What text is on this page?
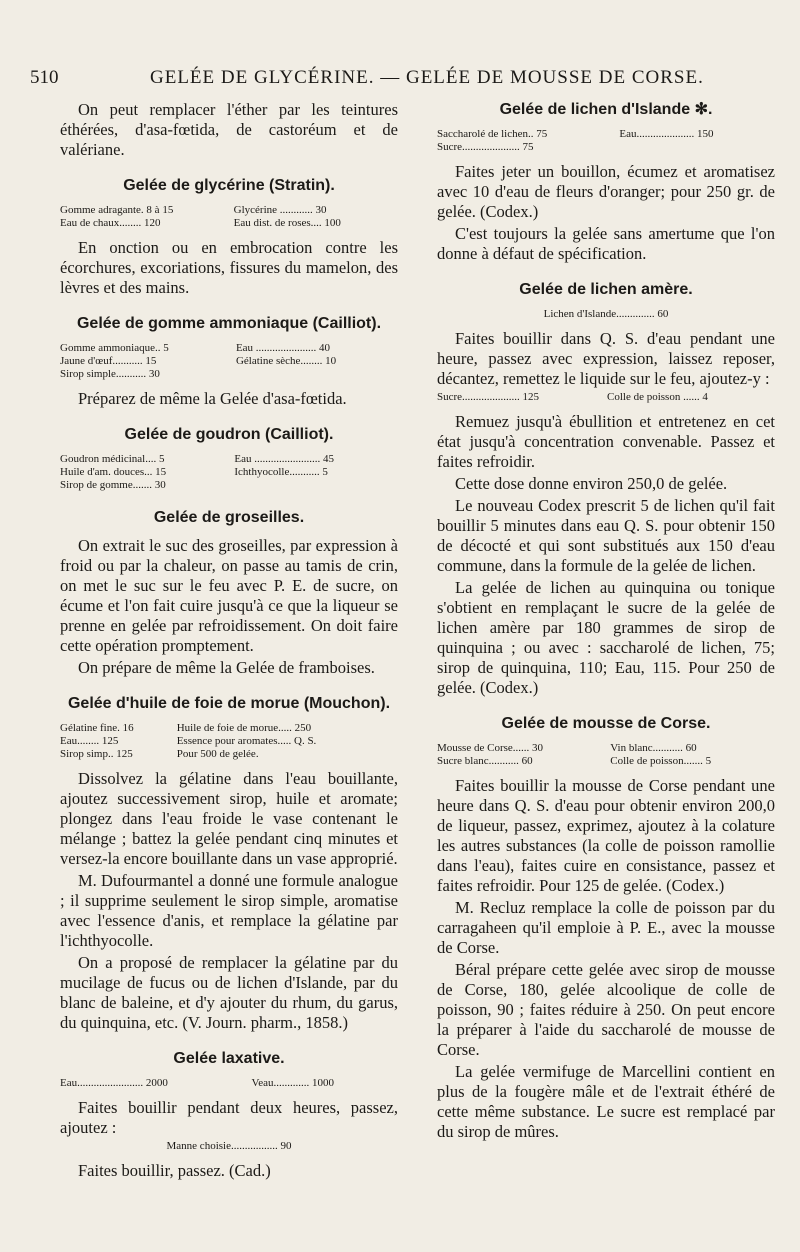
510	GELÉE DE GLYCÉRINE. — GELÉE DE MOUSSE DE CORSE.

On peut remplacer l'éther par les teintures éthérées, d'asa-fœtida, de castoréum et de valériane.

Gelée de glycérine (Stratin).
Gomme adragante. 8 à 15	Glycérine ............ 30
Eau de chaux........ 120	Eau dist. de roses.... 100

En onction ou en embrocation contre les écorchures, excoriations, fissures du mamelon, des lèvres et des mains.

Gelée de gomme ammoniaque (Cailliot).
Gomme ammoniaque.. 5	Eau ...................... 40
Jaune d'œuf........... 15	Gélatine sèche........ 10
Sirop simple........... 30	

Préparez de même la Gelée d'asa-fœtida.

Gelée de goudron (Cailliot).
Goudron médicinal.... 5	Eau ........................ 45
Huile d'am. douces... 15	Ichthyocolle........... 5
Sirop de gomme....... 30	
Gelée de groseilles.

On extrait le suc des groseilles, par expression à froid ou par la chaleur, on passe au tamis de crin, on met le suc sur le feu avec P. E. de sucre, on écume et l'on fait cuire jusqu'à ce que la liqueur se prenne en gelée par refroidissement. On doit faire cette opération promptement.

On prépare de même la Gelée de framboises.

Gelée d'huile de foie de morue (Mouchon).
Gélatine fine. 16	Huile de foie de morue..... 250
Eau........ 125	Essence pour aromates..... Q. S.
Sirop simp.. 125	Pour 500 de gelée.

Dissolvez la gélatine dans l'eau bouillante, ajoutez successivement sirop, huile et aromate; plongez dans l'eau froide le vase contenant le mélange ; battez la gelée pendant cinq minutes et versez-la encore bouillante dans un vase approprié.

M. Dufourmantel a donné une formule analogue ; il supprime seulement le sirop simple, aromatise avec l'essence d'anis, et remplace la gélatine par l'ichthyocolle.

On a proposé de remplacer la gélatine par du mucilage de fucus ou de lichen d'Islande, par du blanc de baleine, et d'y ajouter du rhum, du garus, du quinquina, etc. (V. Journ. pharm., 1858.)

Gelée laxative.
Eau........................ 2000	Veau............. 1000

Faites bouillir pendant deux heures, passez, ajoutez :

Manne choisie................. 90

Faites bouillir, passez. (Cad.)

Gelée de lichen d'Islande ✻.
Saccharolé de lichen.. 75	Eau..................... 150
Sucre..................... 75	

Faites jeter un bouillon, écumez et aromatisez avec 10 d'eau de fleurs d'oranger; pour 250 gr. de gelée. (Codex.)

C'est toujours la gelée sans amertume que l'on donne à défaut de spécification.

Gelée de lichen amère.
Lichen d'Islande.............. 60

Faites bouillir dans Q. S. d'eau pendant une heure, passez avec expression, laissez reposer, décantez, remettez le liquide sur le feu, ajoutez-y :

Sucre..................... 125	Colle de poisson ...... 4

Remuez jusqu'à ébullition et entretenez en cet état jusqu'à concentration convenable. Passez et faites refroidir.

Cette dose donne environ 250,0 de gelée.

Le nouveau Codex prescrit 5 de lichen qu'il fait bouillir 5 minutes dans eau Q. S. pour obtenir 150 de décocté et qui sont substitués aux 150 d'eau commune, dans la formule de la gelée de lichen.

La gelée de lichen au quinquina ou tonique s'obtient en remplaçant le sucre de la gelée de lichen amère par 180 grammes de sirop de quinquina ; ou avec : saccharolé de lichen, 75; sirop de quinquina, 110; Eau, 115. Pour 250 de gelée. (Codex.)

Gelée de mousse de Corse.
Mousse de Corse...... 30	Vin blanc........... 60
Sucre blanc........... 60	Colle de poisson....... 5

Faites bouillir la mousse de Corse pendant une heure dans Q. S. d'eau pour obtenir environ 200,0 de liqueur, passez, exprimez, ajoutez à la colature les autres substances (la colle de poisson ramollie dans l'eau), faites cuire en consistance, passez et faites refroidir. Pour 125 de gelée. (Codex.)

M. Recluz remplace la colle de poisson par du carragaheen qu'il emploie à P. E., avec la mousse de Corse.

Béral prépare cette gelée avec sirop de mousse de Corse, 180, gelée alcoolique de colle de poisson, 90 ; faites réduire à 250. On peut encore la préparer à l'aide du saccharolé de mousse de Corse.

La gelée vermifuge de Marcellini contient en plus de la fougère mâle et de l'extrait éthéré de cette même substance. Le sucre est remplacé par du sirop de mûres.
